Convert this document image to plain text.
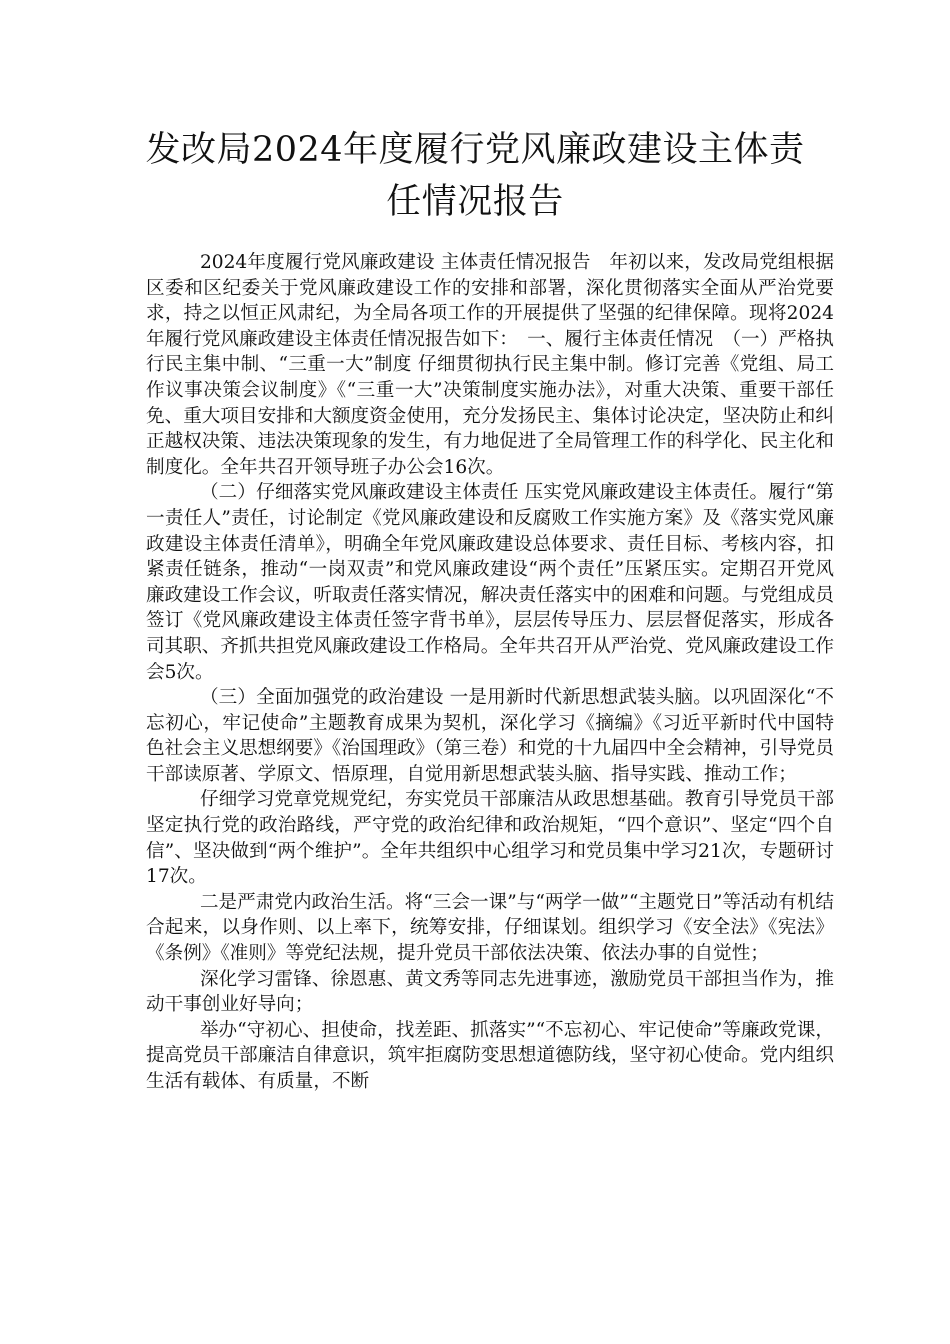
发改局2024年度履行党风廉政建设主体责
任情况报告

2024年度履行党风廉政建设 主体责任情况报告　年初以来，发改局党组根据区委和区纪委关于党风廉政建设工作的安排和部署，深化贯彻落实全面从严治党要求，持之以恒正风肃纪，为全局各项工作的开展提供了坚强的纪律保障。现将2024年履行党风廉政建设主体责任情况报告如下：　一、履行主体责任情况　（一）严格执行民主集中制、“三重一大”制度 仔细贯彻执行民主集中制。修订完善《党组、局工作议事决策会议制度》《“三重一大”决策制度实施办法》，对重大决策、重要干部任免、重大项目安排和大额度资金使用，充分发扬民主、集体讨论决定，坚决防止和纠正越权决策、违法决策现象的发生，有力地促进了全局管理工作的科学化、民主化和制度化。全年共召开领导班子办公会16次。

（二）仔细落实党风廉政建设主体责任 压实党风廉政建设主体责任。履行“第一责任人”责任，讨论制定《党风廉政建设和反腐败工作实施方案》及《落实党风廉政建设主体责任清单》，明确全年党风廉政建设总体要求、责任目标、考核内容，扣紧责任链条，推动“一岗双责”和党风廉政建设“两个责任”压紧压实。定期召开党风廉政建设工作会议，听取责任落实情况，解决责任落实中的困难和问题。与党组成员签订《党风廉政建设主体责任签字背书单》，层层传导压力、层层督促落实，形成各司其职、齐抓共担党风廉政建设工作格局。全年共召开从严治党、党风廉政建设工作会5次。

（三）全面加强党的政治建设 一是用新时代新思想武装头脑。以巩固深化“不忘初心，牢记使命”主题教育成果为契机，深化学习《摘编》《习近平新时代中国特色社会主义思想纲要》《治国理政》（第三卷）和党的十九届四中全会精神，引导党员干部读原著、学原文、悟原理，自觉用新思想武装头脑、指导实践、推动工作；

仔细学习党章党规党纪，夯实党员干部廉洁从政思想基础。教育引导党员干部坚定执行党的政治路线，严守党的政治纪律和政治规矩，“四个意识”、坚定“四个自信”、坚决做到“两个维护”。全年共组织中心组学习和党员集中学习21次，专题研讨17次。

二是严肃党内政治生活。将“三会一课”与“两学一做”“主题党日”等活动有机结合起来，以身作则、以上率下，统筹安排，仔细谋划。组织学习《安全法》《宪法》《条例》《准则》等党纪法规，提升党员干部依法决策、依法办事的自觉性；

深化学习雷锋、徐恩惠、黄文秀等同志先进事迹，激励党员干部担当作为，推动干事创业好导向；

举办“守初心、担使命，找差距、抓落实”“不忘初心、牢记使命”等廉政党课，提高党员干部廉洁自律意识，筑牢拒腐防变思想道德防线，坚守初心使命。党内组织生活有载体、有质量，不断
